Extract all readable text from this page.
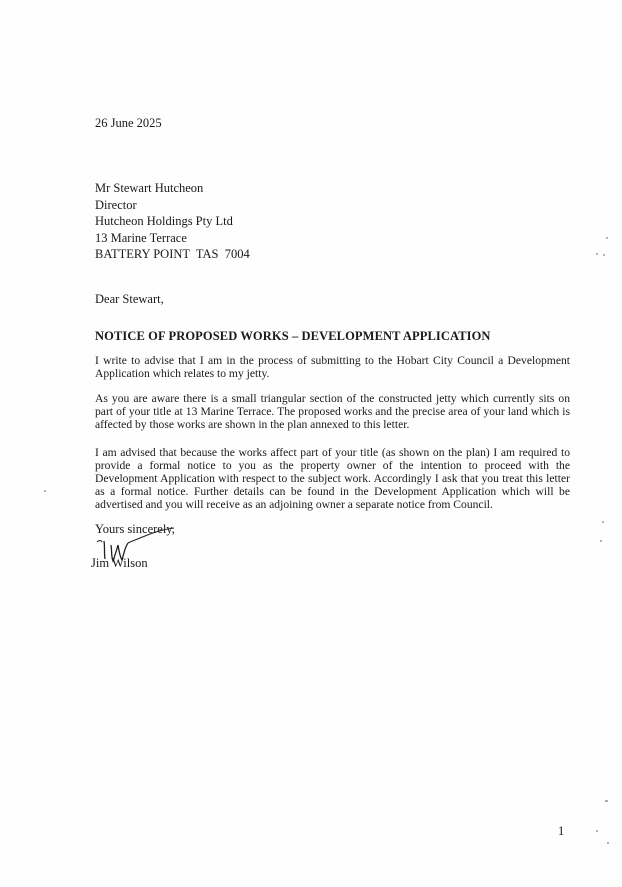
26 June 2025
Mr Stewart Hutcheon
Director
Hutcheon Holdings Pty Ltd
13 Marine Terrace
BATTERY POINT  TAS  7004
Dear Stewart,
NOTICE OF PROPOSED WORKS – DEVELOPMENT APPLICATION
I write to advise that I am in the process of submitting to the Hobart City Council a Development Application which relates to my jetty.
As you are aware there is a small triangular section of the constructed jetty which currently sits on part of your title at 13 Marine Terrace. The proposed works and the precise area of your land which is affected by those works are shown in the plan annexed to this letter.
I am advised that because the works affect part of your title (as shown on the plan) I am required to provide a formal notice to you as the property owner of the intention to proceed with the Development Application with respect to the subject work. Accordingly I ask that you treat this letter as a formal notice. Further details can be found in the Development Application which will be advertised and you will receive as an adjoining owner a separate notice from Council.
Yours sincerely,
Jim Wilson
1
